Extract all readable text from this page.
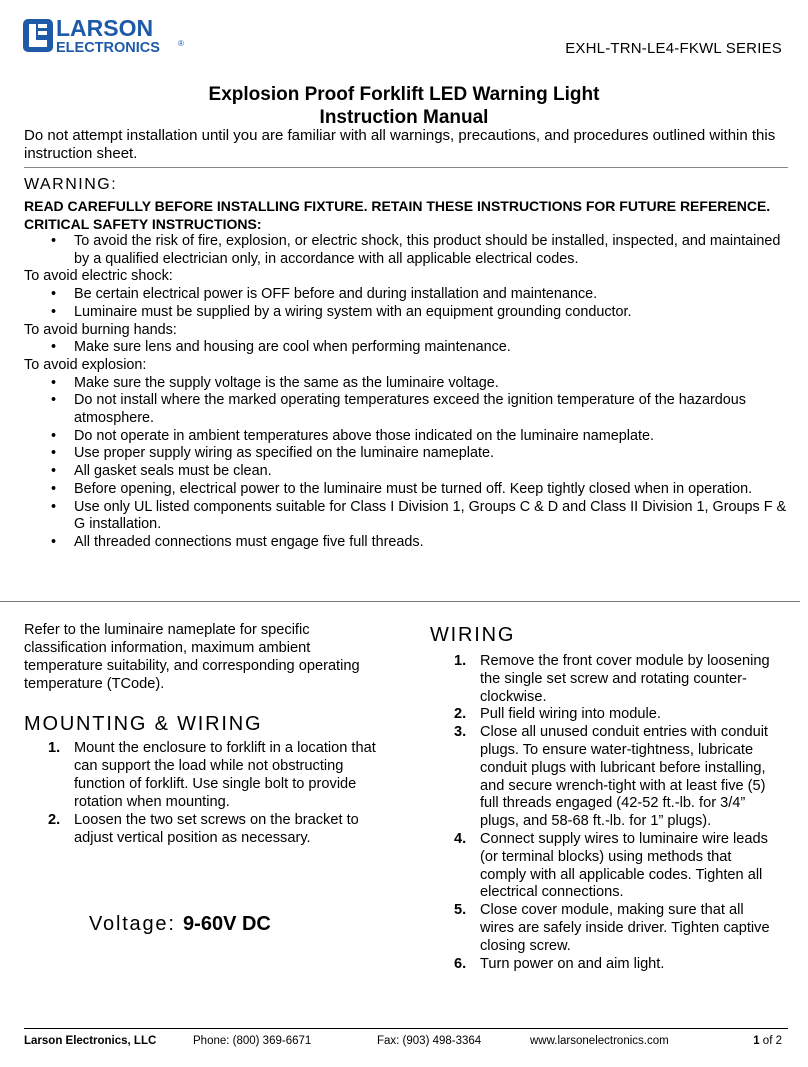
LARSON
ELECTRONICS ®	EXHL-TRN-LE4-FKWL SERIES
Explosion Proof Forklift LED Warning Light
Instruction Manual
Do not attempt installation until you are familiar with all warnings, precautions, and procedures outlined within this instruction sheet.
WARNING:
READ CAREFULLY BEFORE INSTALLING FIXTURE. RETAIN THESE INSTRUCTIONS FOR FUTURE REFERENCE. CRITICAL SAFETY INSTRUCTIONS:
• To avoid the risk of fire, explosion, or electric shock, this product should be installed, inspected, and maintained by a qualified electrician only, in accordance with all applicable electrical codes.
To avoid electric shock:
• Be certain electrical power is OFF before and during installation and maintenance.
• Luminaire must be supplied by a wiring system with an equipment grounding conductor.
To avoid burning hands:
• Make sure lens and housing are cool when performing maintenance.
To avoid explosion:
• Make sure the supply voltage is the same as the luminaire voltage.
• Do not install where the marked operating temperatures exceed the ignition temperature of the hazardous atmosphere.
• Do not operate in ambient temperatures above those indicated on the luminaire nameplate.
• Use proper supply wiring as specified on the luminaire nameplate.
• All gasket seals must be clean.
• Before opening, electrical power to the luminaire must be turned off. Keep tightly closed when in operation.
• Use only UL listed components suitable for Class I Division 1, Groups C & D and Class II Division 1, Groups F & G installation.
• All threaded connections must engage five full threads.
Refer to the luminaire nameplate for specific classification information, maximum ambient temperature suitability, and corresponding operating temperature (TCode).
MOUNTING & WIRING
1. Mount the enclosure to forklift in a location that can support the load while not obstructing function of forklift. Use single bolt to provide rotation when mounting.
2. Loosen the two set screws on the bracket to adjust vertical position as necessary.
Voltage: 9-60V DC
WIRING
1. Remove the front cover module by loosening the single set screw and rotating counter-clockwise.
2. Pull field wiring into module.
3. Close all unused conduit entries with conduit plugs. To ensure water-tightness, lubricate conduit plugs with lubricant before installing, and secure wrench-tight with at least five (5) full threads engaged (42-52 ft.-lb. for 3/4” plugs, and 58-68 ft.-lb. for 1” plugs).
4. Connect supply wires to luminaire wire leads (or terminal blocks) using methods that comply with all applicable codes. Tighten all electrical connections.
5. Close cover module, making sure that all wires are safely inside driver. Tighten captive closing screw.
6. Turn power on and aim light.
Larson Electronics, LLC	Phone: (800) 369-6671	Fax: (903) 498-3364	www.larsonelectronics.com	1 of 2
